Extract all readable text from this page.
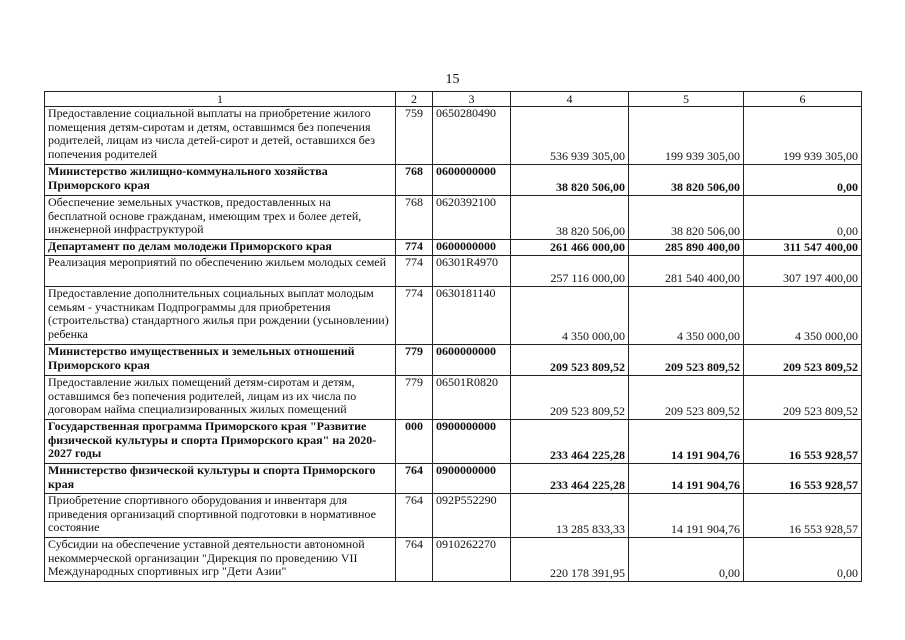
15
1	2	3	4	5	6
Предоставление социальной выплаты на приобретение жилого помещения детям-сиротам и детям, оставшимся без попечения родителей, лицам из числа детей-сирот и детей, оставшихся без попечения родителей	759	0650280490	536 939 305,00	199 939 305,00	199 939 305,00
Министерство жилищно-коммунального хозяйства Приморского края	768	0600000000	38 820 506,00	38 820 506,00	0,00
Обеспечение земельных участков, предоставленных на бесплатной основе гражданам, имеющим трех и более детей, инженерной инфраструктурой	768	0620392100	38 820 506,00	38 820 506,00	0,00
Департамент по делам молодежи Приморского края	774	0600000000	261 466 000,00	285 890 400,00	311 547 400,00
Реализация мероприятий по обеспечению жильем молодых семей	774	06301R4970	257 116 000,00	281 540 400,00	307 197 400,00
Предоставление дополнительных социальных выплат молодым семьям - участникам Подпрограммы для приобретения (строительства) стандартного жилья при рождении (усыновлении) ребенка	774	0630181140	4 350 000,00	4 350 000,00	4 350 000,00
Министерство имущественных и земельных отношений Приморского края	779	0600000000	209 523 809,52	209 523 809,52	209 523 809,52
Предоставление жилых помещений детям-сиротам и детям, оставшимся без попечения родителей, лицам из их числа по договорам найма специализированных жилых помещений	779	06501R0820	209 523 809,52	209 523 809,52	209 523 809,52
Государственная программа Приморского края "Развитие физической культуры и спорта Приморского края" на 2020-2027 годы	000	0900000000	233 464 225,28	14 191 904,76	16 553 928,57
Министерство физической культуры и спорта Приморского края	764	0900000000	233 464 225,28	14 191 904,76	16 553 928,57
Приобретение спортивного оборудования и инвентаря для приведения организаций спортивной подготовки в нормативное состояние	764	092P552290	13 285 833,33	14 191 904,76	16 553 928,57
Субсидии на обеспечение уставной деятельности автономной некоммерческой организации "Дирекция по проведению VII Международных спортивных игр "Дети Азии"	764	0910262270	220 178 391,95	0,00	0,00
